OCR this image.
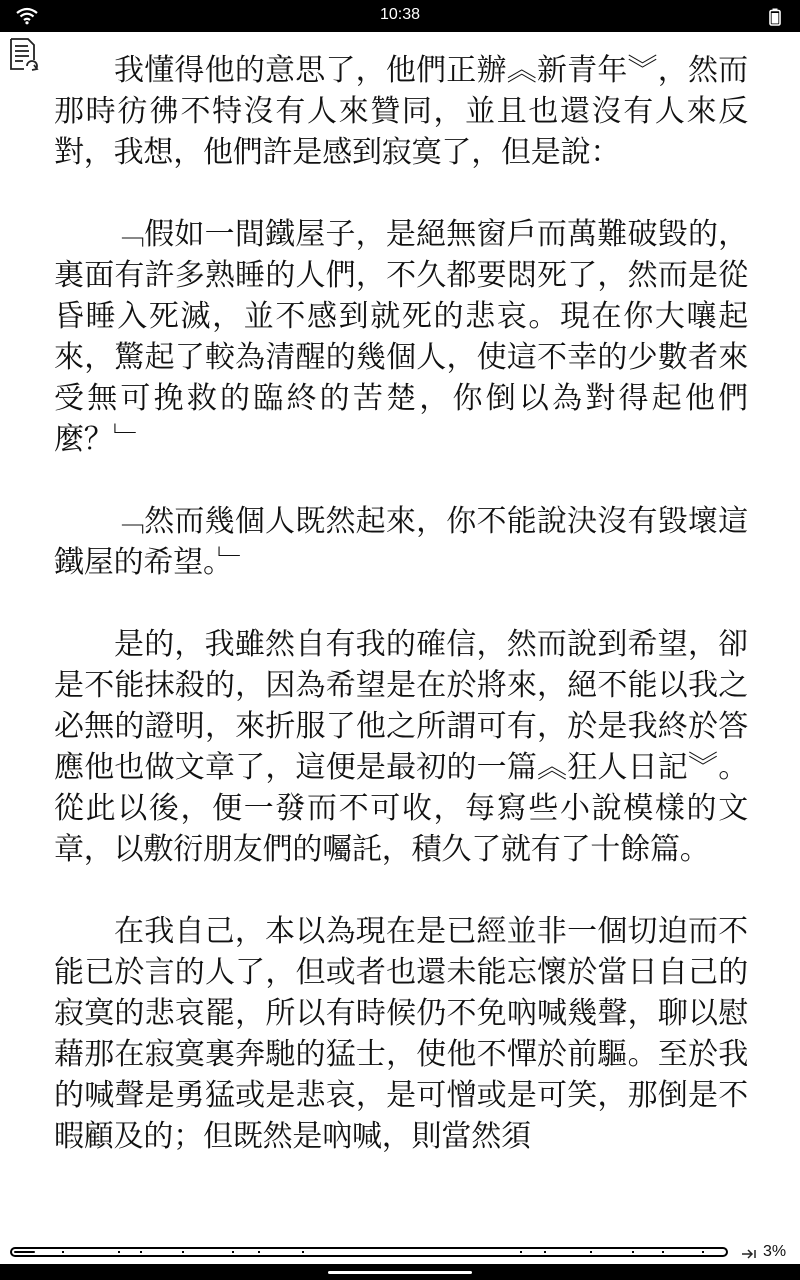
10:38

我懂得他的意思了，他們正辦︽新青年︾，然而那時彷彿不特沒有人來贊同，並且也還沒有人來反對，我想，他們許是感到寂寞了，但是說：

﹁假如一間鐵屋子，是絕無窗戶而萬難破毀的，裏面有許多熟睡的人們，不久都要悶死了，然而是從昏睡入死滅，並不感到就死的悲哀。現在你大嚷起來，驚起了較為清醒的幾個人，使這不幸的少數者來受無可挽救的臨終的苦楚，你倒以為對得起他們麼？﹂

﹁然而幾個人既然起來，你不能說決沒有毀壞這鐵屋的希望。﹂

是的，我雖然自有我的確信，然而說到希望，卻是不能抹殺的，因為希望是在於將來，絕不能以我之必無的證明，來折服了他之所謂可有，於是我終於答應他也做文章了，這便是最初的一篇︽狂人日記︾。從此以後，便一發而不可收，每寫些小說模樣的文章，以敷衍朋友們的囑託，積久了就有了十餘篇。

在我自己，本以為現在是已經並非一個切迫而不能已於言的人了，但或者也還未能忘懷於當日自己的寂寞的悲哀罷，所以有時候仍不免吶喊幾聲，聊以慰藉那在寂寞裏奔馳的猛士，使他不憚於前驅。至於我的喊聲是勇猛或是悲哀，是可憎或是可笑，那倒是不暇顧及的；但既然是吶喊，則當然須

3%
